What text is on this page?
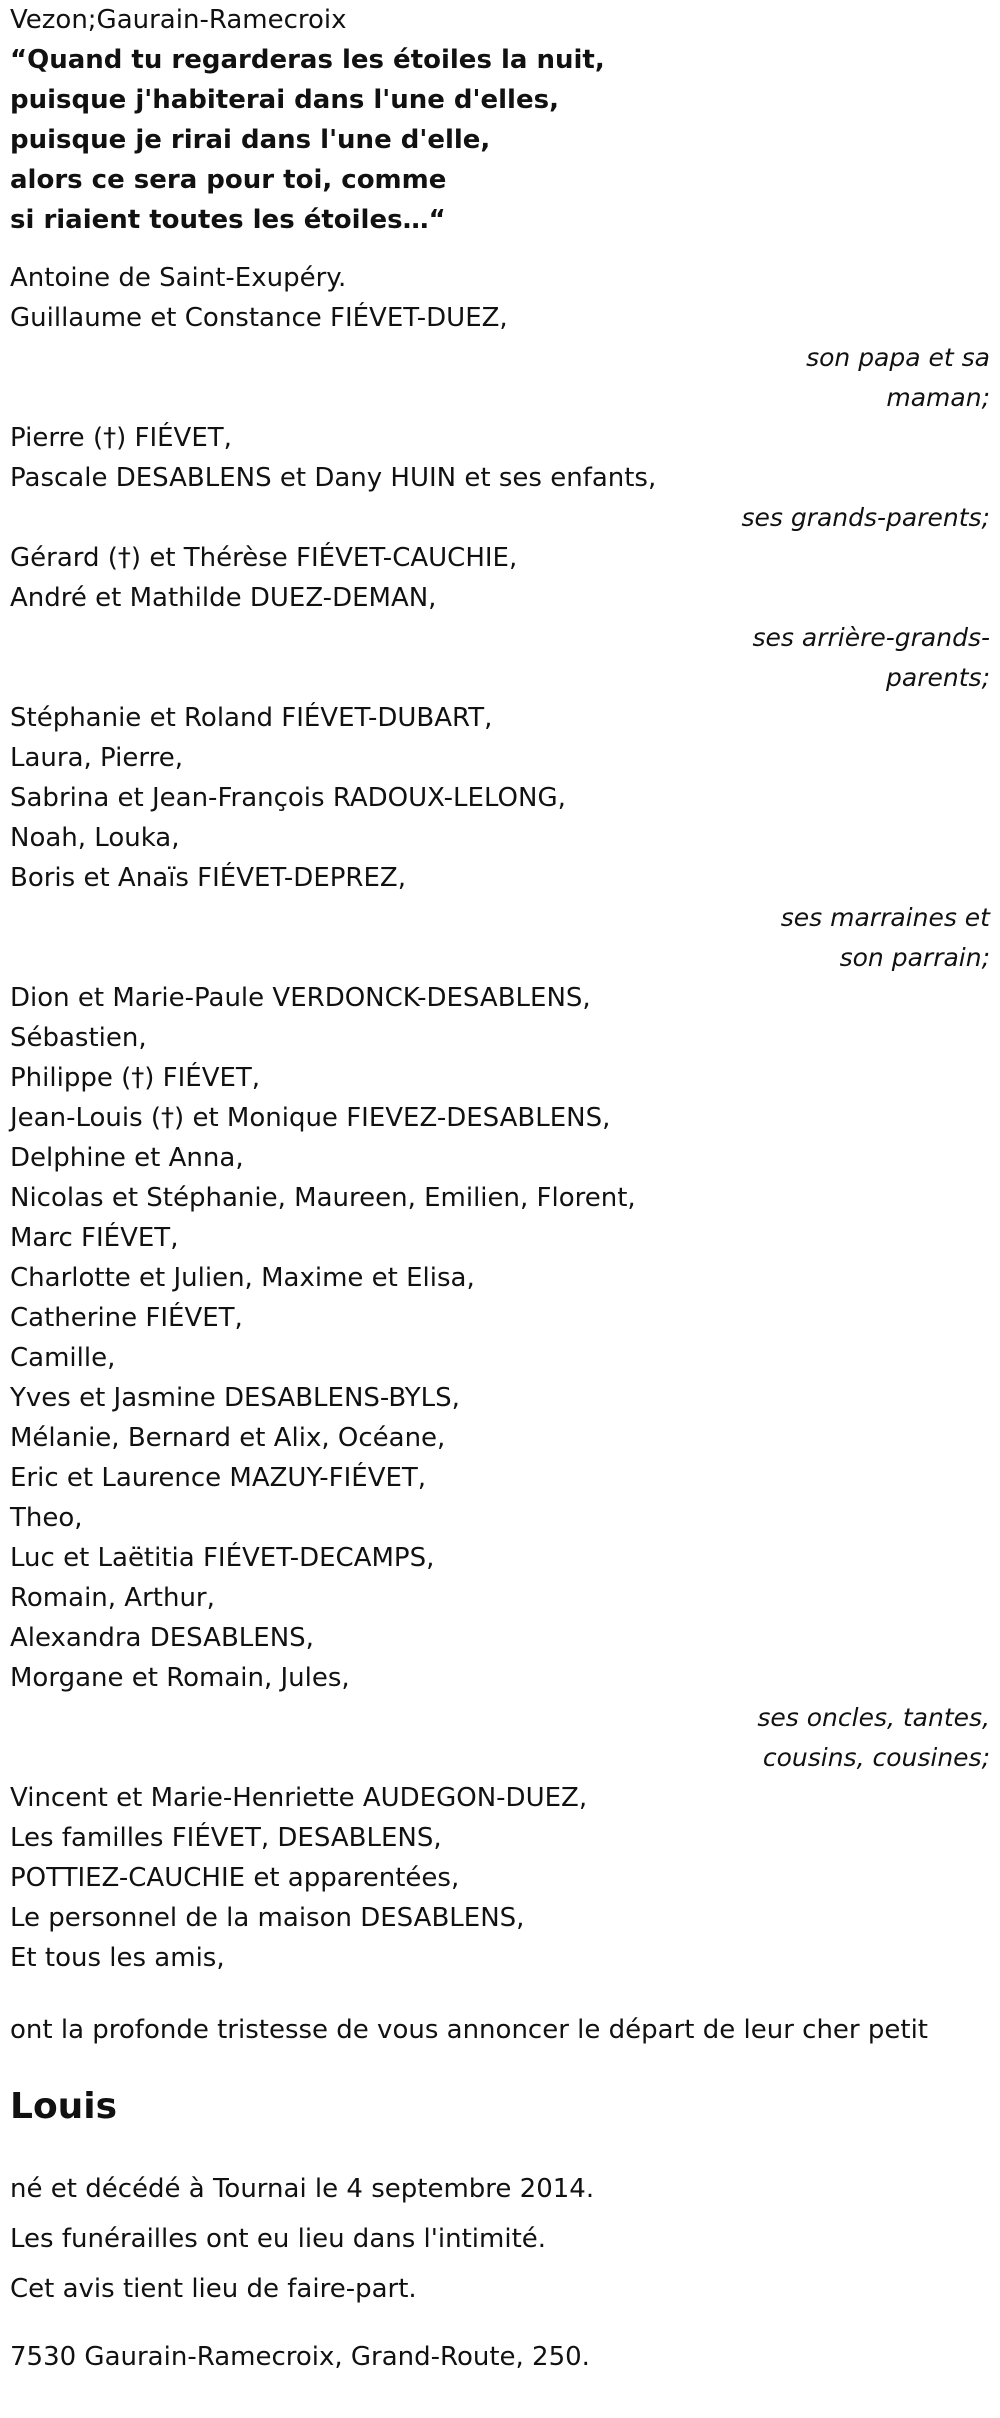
Vezon;Gaurain-Ramecroix
“Quand tu regarderas les étoiles la nuit,
puisque j'habiterai dans l'une d'elles,
puisque je rirai dans l'une d'elle,
alors ce sera pour toi, comme
si riaient toutes les étoiles…“
Antoine de Saint-Exupéry.
Guillaume et Constance FIÉVET-DUEZ,
son papa et sa maman;
Pierre (†) FIÉVET,
Pascale DESABLENS et Dany HUIN et ses enfants,
ses grands-parents;
Gérard (†) et Thérèse FIÉVET-CAUCHIE,
André et Mathilde DUEZ-DEMAN,
ses arrière-grands-parents;
Stéphanie et Roland FIÉVET-DUBART,
Laura, Pierre,
Sabrina et Jean-François RADOUX-LELONG,
Noah, Louka,
Boris et Anaïs FIÉVET-DEPREZ,
ses marraines et son parrain;
Dion et Marie-Paule VERDONCK-DESABLENS,
Sébastien,
Philippe (†) FIÉVET,
Jean-Louis (†) et Monique FIEVEZ-DESABLENS,
Delphine et Anna,
Nicolas et Stéphanie, Maureen, Emilien, Florent,
Marc FIÉVET,
Charlotte et Julien, Maxime et Elisa,
Catherine FIÉVET,
Camille,
Yves et Jasmine DESABLENS-BYLS,
Mélanie, Bernard et Alix, Océane,
Eric et Laurence MAZUY-FIÉVET,
Theo,
Luc et Laëtitia FIÉVET-DECAMPS,
Romain, Arthur,
Alexandra DESABLENS,
Morgane et Romain, Jules,
ses oncles, tantes, cousins, cousines;
Vincent et Marie-Henriette AUDEGON-DUEZ,
Les familles FIÉVET, DESABLENS,
POTTIEZ-CAUCHIE et apparentées,
Le personnel de la maison DESABLENS,
Et tous les amis,
ont la profonde tristesse de vous annoncer le départ de leur cher petit
Louis
né et décédé à Tournai le 4 septembre 2014.
Les funérailles ont eu lieu dans l'intimité.
Cet avis tient lieu de faire-part.
7530 Gaurain-Ramecroix, Grand-Route, 250.
